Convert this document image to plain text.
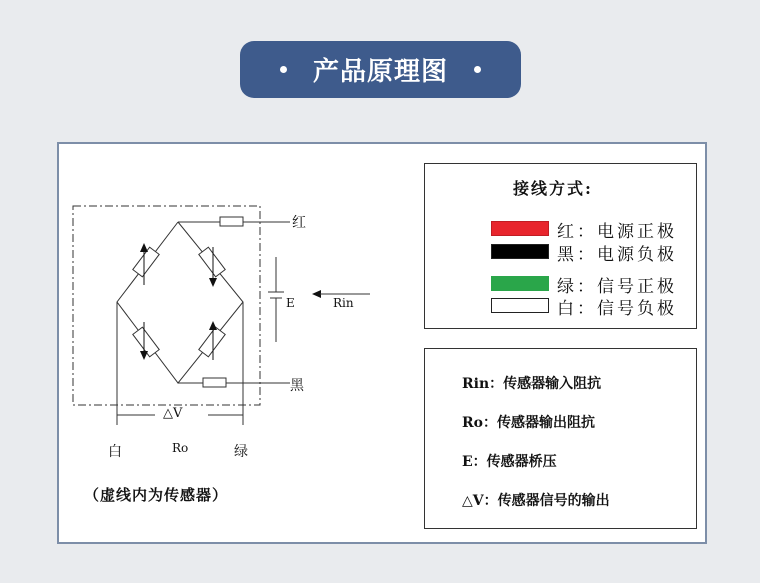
产品原理图
红
黑
E	Rin
△V
白	Ro	绿
（虚线内为传感器）
接线方式:
红：电源正极
黑：电源负极
绿：信号正极
白：信号负极
Rin：传感器输入阻抗
Ro：传感器输出阻抗
E：传感器桥压
△V：传感器信号的输出
